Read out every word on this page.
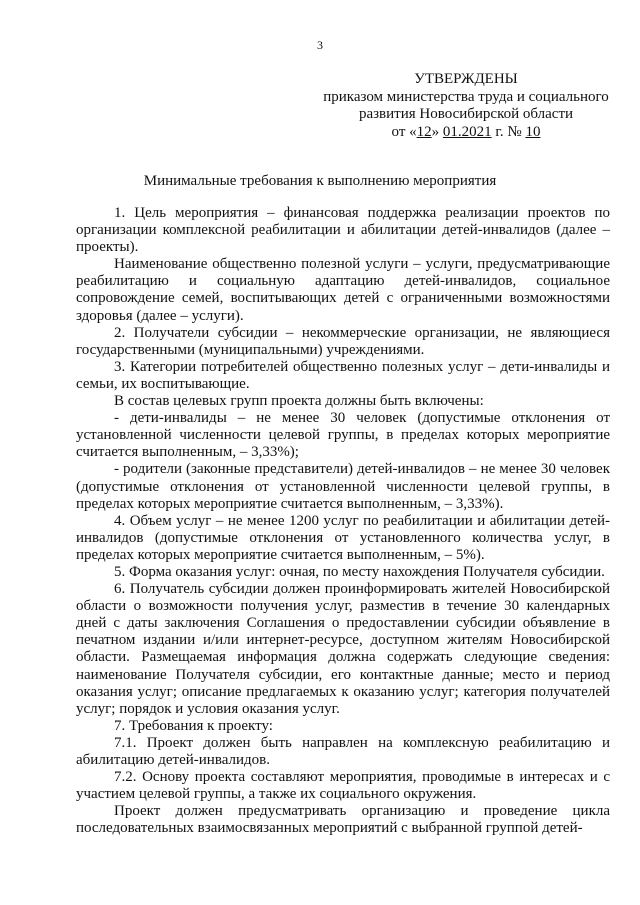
3
УТВЕРЖДЕНЫ
приказом министерства труда и социального
развития Новосибирской области
от «12» 01.2021 г. № 10
Минимальные требования к выполнению мероприятия

1. Цель мероприятия – финансовая поддержка реализации проектов по организации комплексной реабилитации и абилитации детей-инвалидов (далее – проекты).

Наименование общественно полезной услуги – услуги, предусматривающие реабилитацию и социальную адаптацию детей-инвалидов, социальное сопровождение семей, воспитывающих детей с ограниченными возможностями здоровья (далее – услуги).

2. Получатели субсидии – некоммерческие организации, не являющиеся государственными (муниципальными) учреждениями.

3. Категории потребителей общественно полезных услуг – дети-инвалиды и семьи, их воспитывающие.

В состав целевых групп проекта должны быть включены:

- дети-инвалиды – не менее 30 человек (допустимые отклонения от установленной численности целевой группы, в пределах которых мероприятие считается выполненным, – 3,33%);

- родители (законные представители) детей-инвалидов – не менее 30 человек (допустимые отклонения от установленной численности целевой группы, в пределах которых мероприятие считается выполненным, – 3,33%).

4. Объем услуг – не менее 1200 услуг по реабилитации и абилитации детей-инвалидов (допустимые отклонения от установленного количества услуг, в пределах которых мероприятие считается выполненным, – 5%).

5. Форма оказания услуг: очная, по месту нахождения Получателя субсидии.

6. Получатель субсидии должен проинформировать жителей Новосибирской области о возможности получения услуг, разместив в течение 30 календарных дней с даты заключения Соглашения о предоставлении субсидии объявление в печатном издании и/или интернет-ресурсе, доступном жителям Новосибирской области. Размещаемая информация должна содержать следующие сведения: наименование Получателя субсидии, его контактные данные; место и период оказания услуг; описание предлагаемых к оказанию услуг; категория получателей услуг; порядок и условия оказания услуг.

7. Требования к проекту:

7.1. Проект должен быть направлен на комплексную реабилитацию и абилитацию детей-инвалидов.

7.2. Основу проекта составляют мероприятия, проводимые в интересах и с участием целевой группы, а также их социального окружения.

Проект должен предусматривать организацию и проведение цикла последовательных взаимосвязанных мероприятий с выбранной группой детей-
